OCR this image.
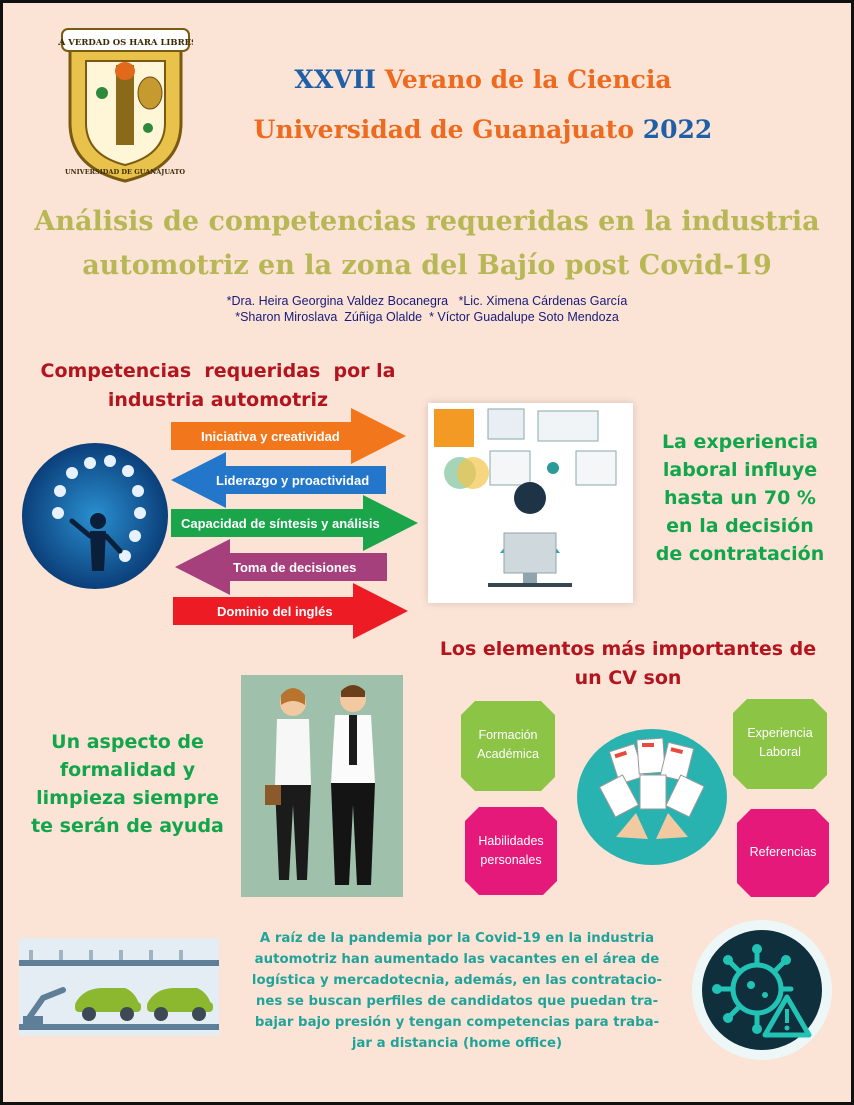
LA VERDAD OS HARA LIBRES
UNIVERSIDAD DE GUANAJUATO
XXVII Verano de la Ciencia
Universidad de Guanajuato 2022
Análisis de competencias requeridas en la industria
automotriz en la zona del Bajío post Covid-19
*Dra. Heira Georgina Valdez Bocanegra   *Lic. Ximena Cárdenas García
*Sharon Miroslava  Zúñiga Olalde  * Víctor Guadalupe Soto Mendoza
Competencias  requeridas  por la
industria automotriz
Iniciativa y creatividad
Liderazgo y proactividad
Capacidad de síntesis y análisis
Toma de decisiones
Dominio del inglés
La experiencia
laboral influye
hasta un 70 %
en la decisión
de contratación
Los elementos más importantes de
un CV son
Un aspecto de
formalidad y
limpieza siempre
te serán de ayuda
Formación
Académica
Experiencia
Laboral
Habilidades
personales
Referencias
A raíz de la pandemia por la Covid-19 en la industria
automotriz han aumentado las vacantes en el área de
logística y mercadotecnia, además, en las contratacio-
nes se buscan perfiles de candidatos que puedan tra-
bajar bajo presión y tengan competencias para traba-
jar a distancia (home office)
